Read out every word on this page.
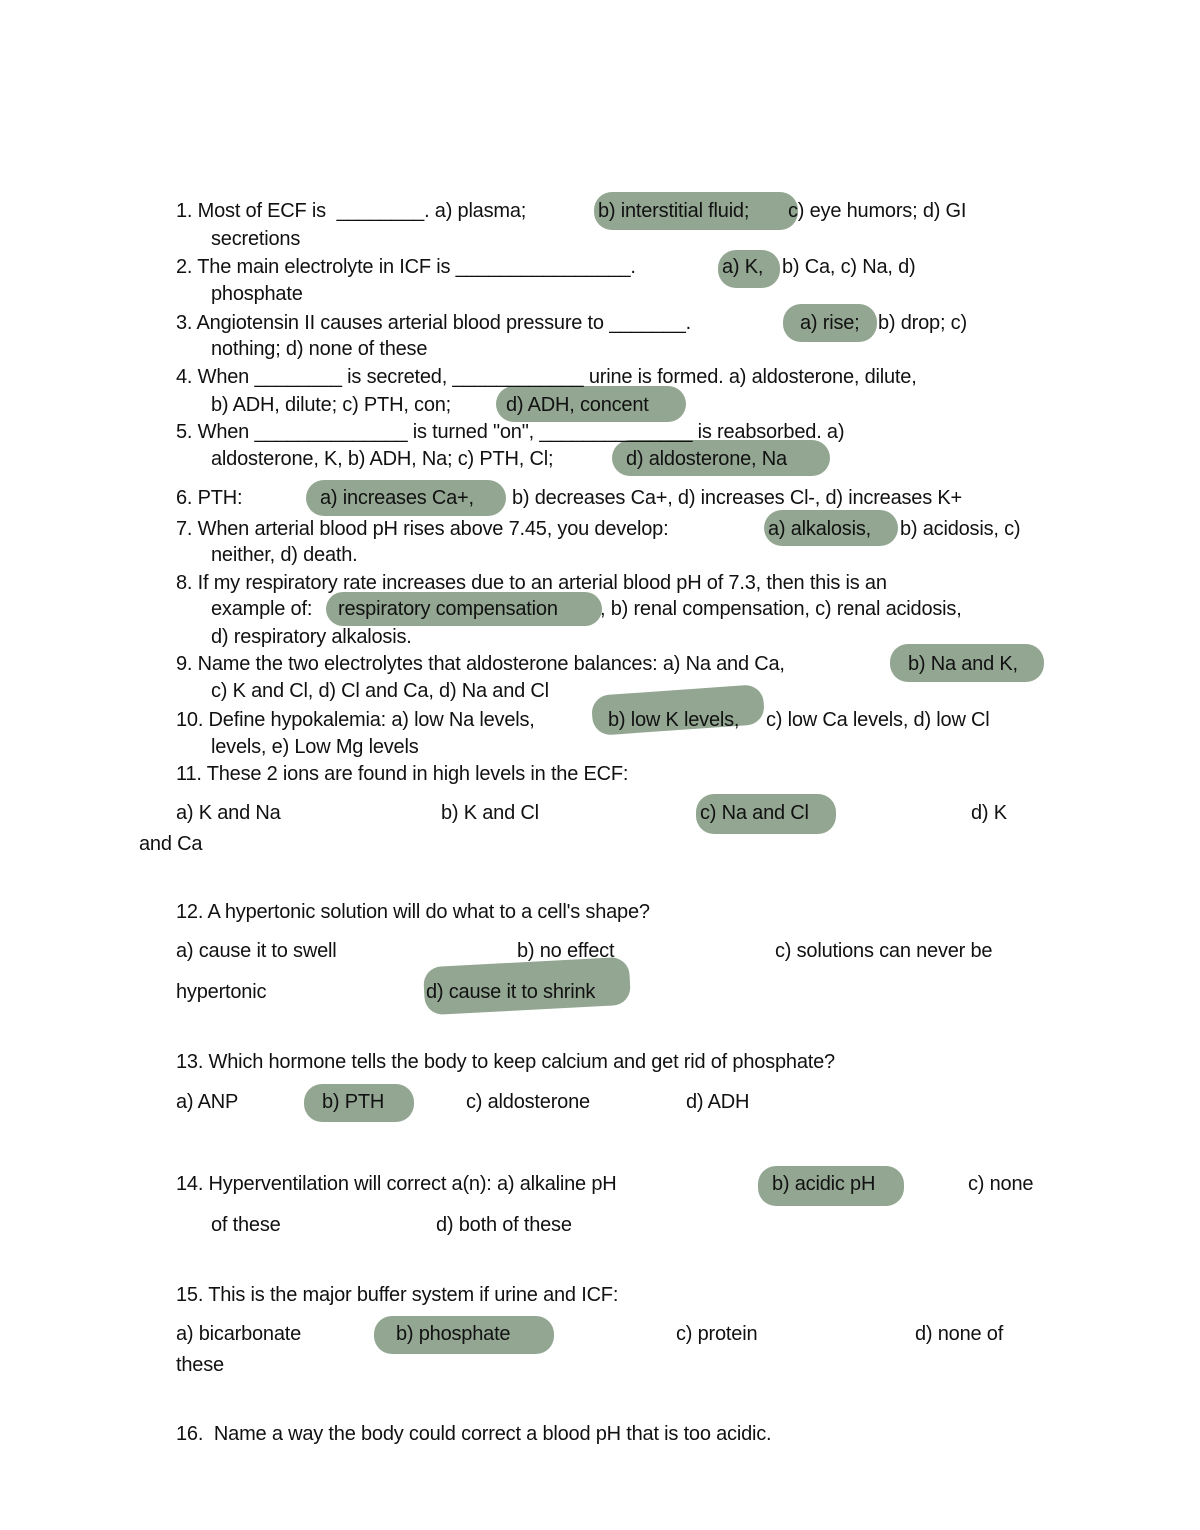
1. Most of ECF is  ________. a) plasma;	b) interstitial fluid; c) eye humors; d) GI
secretions
2. The main electrolyte in ICF is ________________.	a) K, b) Ca, c) Na, d)
phosphate
3. Angiotensin II causes arterial blood pressure to _______.	a) rise; b) drop; c)
nothing; d) none of these
4. When ________ is secreted, ____________ urine is formed. a) aldosterone, dilute,
b) ADH, dilute; c) PTH, con;	d) ADH, concent
5. When ______________ is turned "on", ______________ is reabsorbed. a)
aldosterone, K, b) ADH, Na; c) PTH, Cl;	d) aldosterone, Na
6. PTH:	a) increases Ca+, b) decreases Ca+, d) increases Cl-, d) increases K+
7. When arterial blood pH rises above 7.45, you develop:	a) alkalosis, b) acidosis, c)
neither, d) death.
8. If my respiratory rate increases due to an arterial blood pH of 7.3, then this is an
example of: respiratory compensation , b) renal compensation, c) renal acidosis,
d) respiratory alkalosis.
9. Name the two electrolytes that aldosterone balances: a) Na and Ca,	b) Na and K,
c) K and Cl, d) Cl and Ca, d) Na and Cl
10. Define hypokalemia: a) low Na levels,	b) low K levels, c) low Ca levels, d) low Cl
levels, e) Low Mg levels
11. These 2 ions are found in high levels in the ECF:
a) K and Na	b) K and Cl	c) Na and Cl	d) K
and Ca
12. A hypertonic solution will do what to a cell's shape?
a) cause it to swell	b) no effect	c) solutions can never be
hypertonic	d) cause it to shrink
13. Which hormone tells the body to keep calcium and get rid of phosphate?
a) ANP	b) PTH	c) aldosterone	d) ADH
14. Hyperventilation will correct a(n): a) alkaline pH	b) acidic pH	c) none
of these	d) both of these
15. This is the major buffer system if urine and ICF:
a) bicarbonate	b) phosphate	c) protein	d) none of
these
16.  Name a way the body could correct a blood pH that is too acidic.
